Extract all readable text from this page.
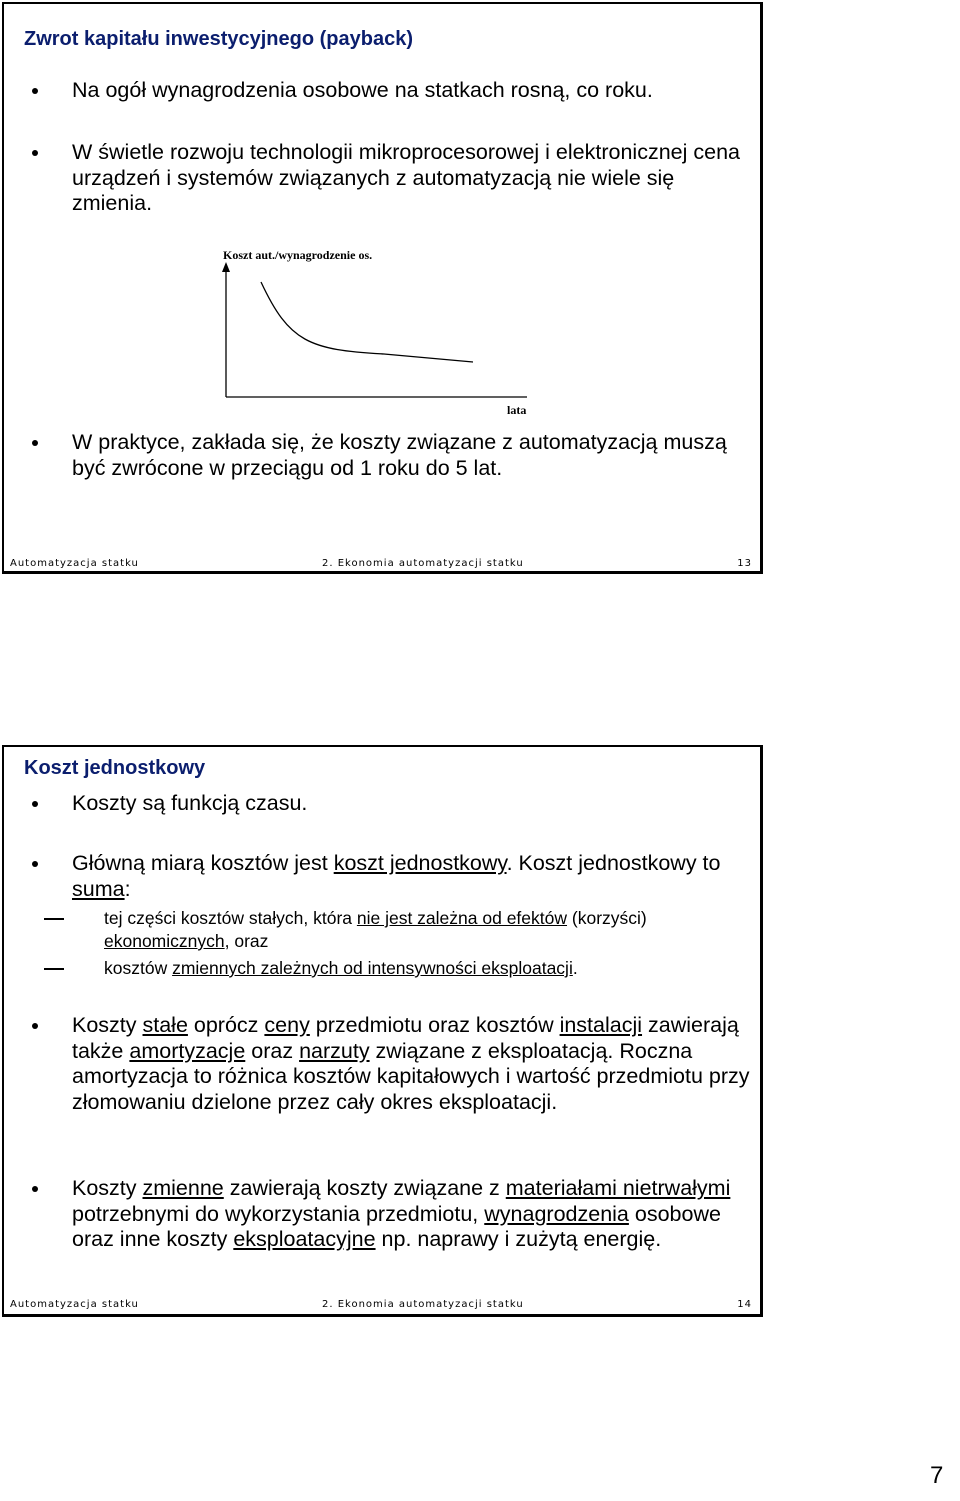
Zwrot kapitału inwestycyjnego (payback)

Na ogół wynagrodzenia osobowe na statkach rosną, co roku.

W świetle rozwoju technologii mikroprocesorowej i elektronicznej cena urządzeń i systemów związanych z automatyzacją nie wiele się zmienia.

Koszt aut./wynagrodzenie os.
lata

W praktyce, zakłada się, że koszty związane z automatyzacją muszą być zwrócone w przeciągu od 1 roku do 5 lat.

Automatyzacja statku	2. Ekonomia automatyzacji statku	13
Koszt jednostkowy

Koszty są funkcją czasu.

Główną miarą kosztów jest koszt jednostkowy. Koszt jednostkowy to suma:

tej części kosztów stałych, która nie jest zależna od efektów (korzyści) ekonomicznych, oraz

kosztów zmiennych zależnych od intensywności eksploatacji.

Koszty stałe oprócz ceny przedmiotu oraz kosztów instalacji zawierają także amortyzacje oraz narzuty związane z eksploatacją. Roczna amortyzacja to różnica kosztów kapitałowych i wartość przedmiotu przy złomowaniu dzielone przez cały okres eksploatacji.

Koszty zmienne zawierają koszty związane z materiałami nietrwałymi potrzebnymi do wykorzystania przedmiotu, wynagrodzenia osobowe oraz inne koszty eksploatacyjne np. naprawy i zużytą energię.

Automatyzacja statku	2. Ekonomia automatyzacji statku	14
7
